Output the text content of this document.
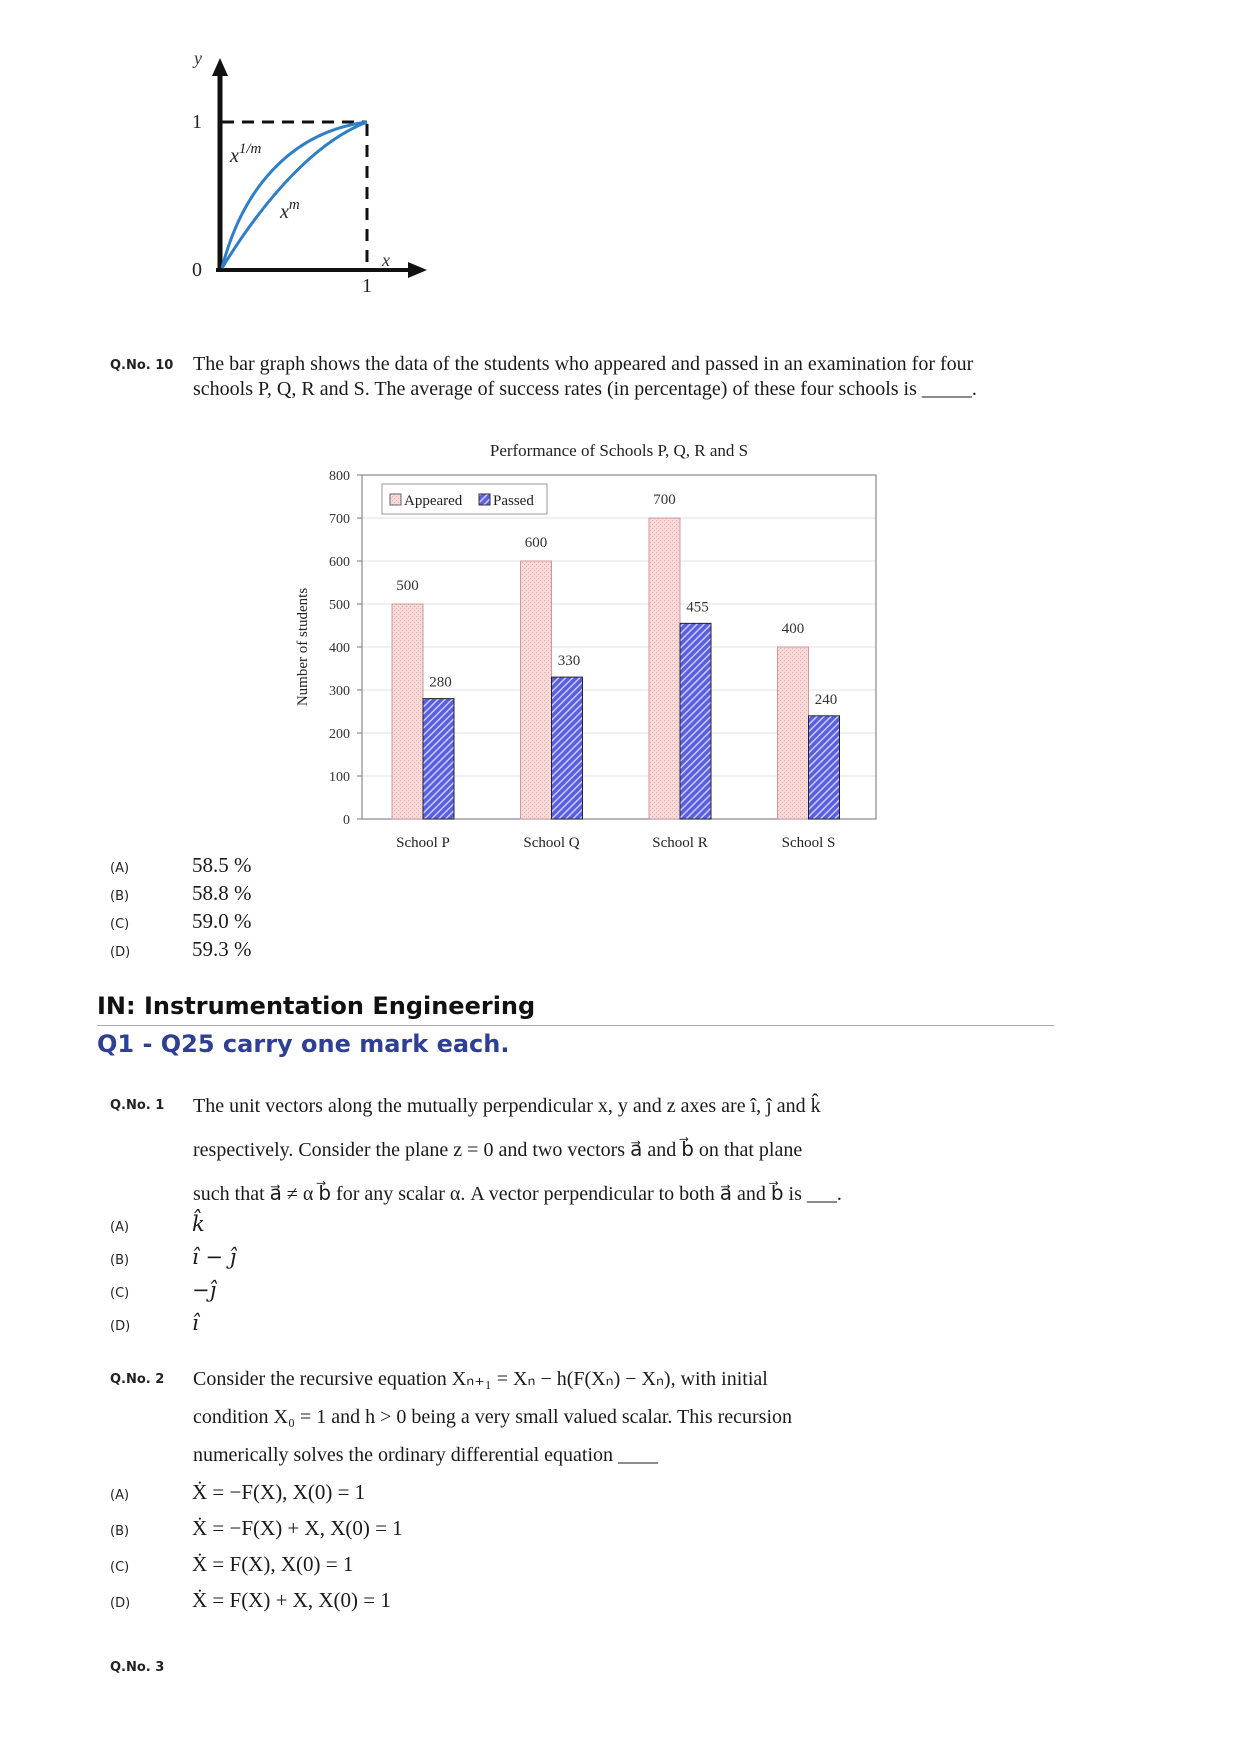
y
x
1
0
1
$x^{1/m}$
$x^m$
Q.No. 10 The bar graph shows the data of the students who appeared and passed in an examination for four schools P, Q, R and S. The average of success rates (in percentage) of these four schools is _____.
Performance of Schools P, Q, R and S
0
100
200
300
400
500
600
700
800
Number of students
500
280
School P
600
330
School Q
700
455
School R
400
240
School S
Appeared Passed
(A)	58.5 %
(B)	58.8 %
(C)	59.0 %
(D)	59.3 %
IN: Instrumentation Engineering
Q1 - Q25 carry one mark each.
Q.No. 1 The unit vectors along the mutually perpendicular x, y and z axes are î, ĵ and k̂
respectively. Consider the plane z = 0 and two vectors a⃗ and b⃗ on that plane
such that a⃗ ≠ α b⃗ for any scalar α. A vector perpendicular to both a⃗ and b⃗ is ___.
(A)	k̂
(B)	î − ĵ
(C)	−ĵ
(D)	î
Q.No. 2 Consider the recursive equation Xₙ₊₁ = Xₙ − h(F(Xₙ) − Xₙ), with initial
condition X₀ = 1 and h > 0 being a very small valued scalar. This recursion
numerically solves the ordinary differential equation ____
(A)	Ẋ = −F(X), X(0) = 1
(B)	Ẋ = −F(X) + X, X(0) = 1
(C)	Ẋ = F(X), X(0) = 1
(D)	Ẋ = F(X) + X, X(0) = 1
Q.No. 3
